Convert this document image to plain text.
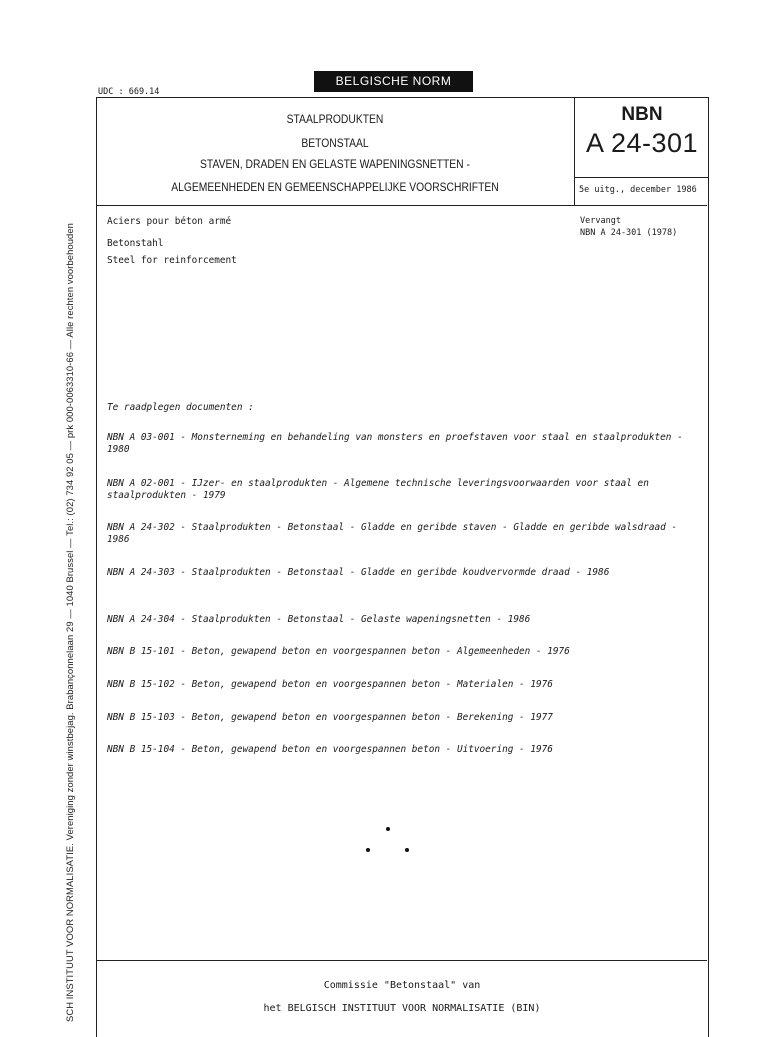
SCH INSTITUUT VOOR NORMALISATIE. Vereniging zonder winstbejag. Brabançonnelaan 29 — 1040 Brussel — Tel.: (02) 734 92 05 — prk 000-0063310-66 — Alle rechten voorbehouden
BELGISCHE NORM
UDC : 669.14
STAALPRODUKTEN
BETONSTAAL
STAVEN, DRADEN EN GELASTE WAPENINGSNETTEN -
ALGEMEENHEDEN EN GEMEENSCHAPPELIJKE VOORSCHRIFTEN
NBN
A 24-301
5e uitg., december 1986
Aciers pour béton armé
Betonstahl
Steel for reinforcement
Vervangt
NBN A 24-301 (1978)
Te raadplegen documenten :
NBN A 03-001 - Monsterneming en behandeling van monsters en proefstaven voor staal en staalprodukten - 1980
NBN A 02-001 - IJzer- en staalprodukten - Algemene technische leveringsvoorwaarden voor staal en staalprodukten - 1979
NBN A 24-302 - Staalprodukten - Betonstaal - Gladde en geribde staven - Gladde en geribde walsdraad - 1986
NBN A 24-303 - Staalprodukten - Betonstaal - Gladde en geribde koudvervormde draad - 1986
NBN A 24-304 - Staalprodukten - Betonstaal - Gelaste wapeningsnetten - 1986
NBN B 15-101 - Beton, gewapend beton en voorgespannen beton - Algemeenheden - 1976
NBN B 15-102 - Beton, gewapend beton en voorgespannen beton - Materialen - 1976
NBN B 15-103 - Beton, gewapend beton en voorgespannen beton - Berekening - 1977
NBN B 15-104 - Beton, gewapend beton en voorgespannen beton - Uitvoering - 1976
Commissie "Betonstaal" van
het BELGISCH INSTITUUT VOOR NORMALISATIE (BIN)
